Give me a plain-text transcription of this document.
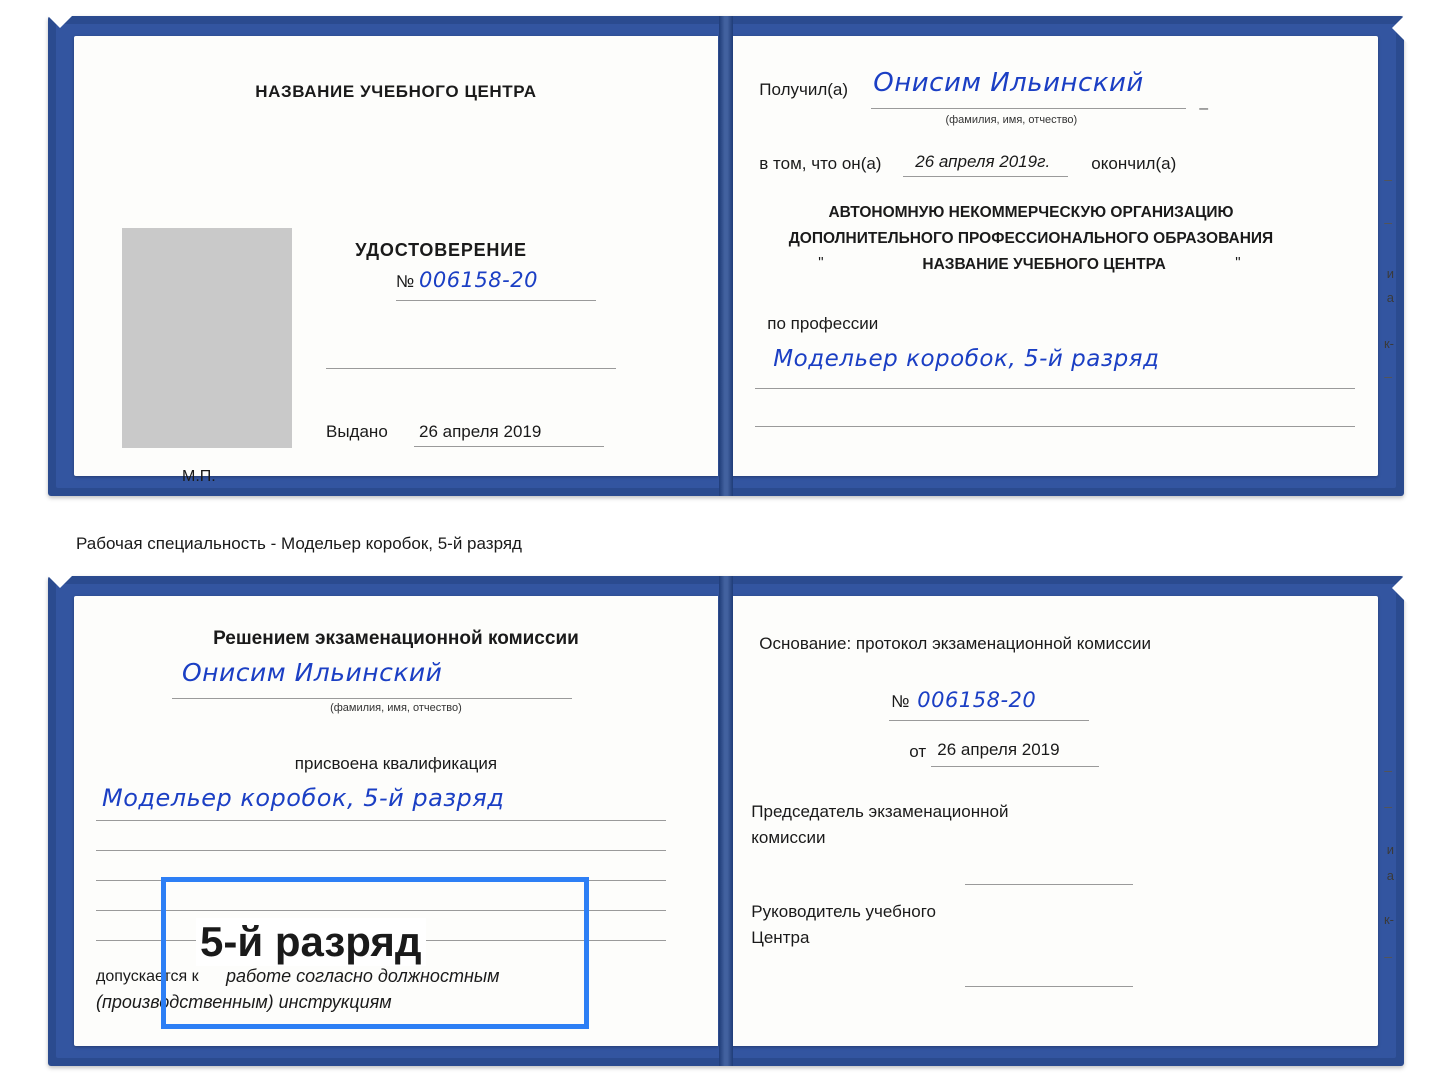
НАЗВАНИЕ УЧЕБНОГО ЦЕНТРА
УДОСТОВЕРЕНИЕ
№ 006158-20
Выдано 26 апреля 2019
М.П.
Получил(а) Онисим Ильинский
(фамилия, имя, отчество)
–
в том, что он(а) 26 апреля 2019г. окончил(а)
АВТОНОМНУЮ НЕКОММЕРЧЕСКУЮ ОРГАНИЗАЦИЮ
ДОПОЛНИТЕЛЬНОГО ПРОФЕССИОНАЛЬНОГО ОБРАЗОВАНИЯ
"	НАЗВАНИЕ УЧЕБНОГО ЦЕНТРА	"
по профессии
Модельер коробок, 5-й разряд
–
–
и
а
к-
–
Рабочая специальность - Модельер коробок, 5-й разряд
Решением экзаменационной комиссии
Онисим Ильинский
(фамилия, имя, отчество)
присвоена квалификация
Модельер коробок, 5-й разряд
допускается к работе согласно должностным
(производственным) инструкциям
Основание: протокол экзаменационной комиссии
№ 006158-20
от 26 апреля 2019
Председатель экзаменационной
комиссии
Руководитель учебного
Центра
–
–
и
а
к-
–
5-й разряд
